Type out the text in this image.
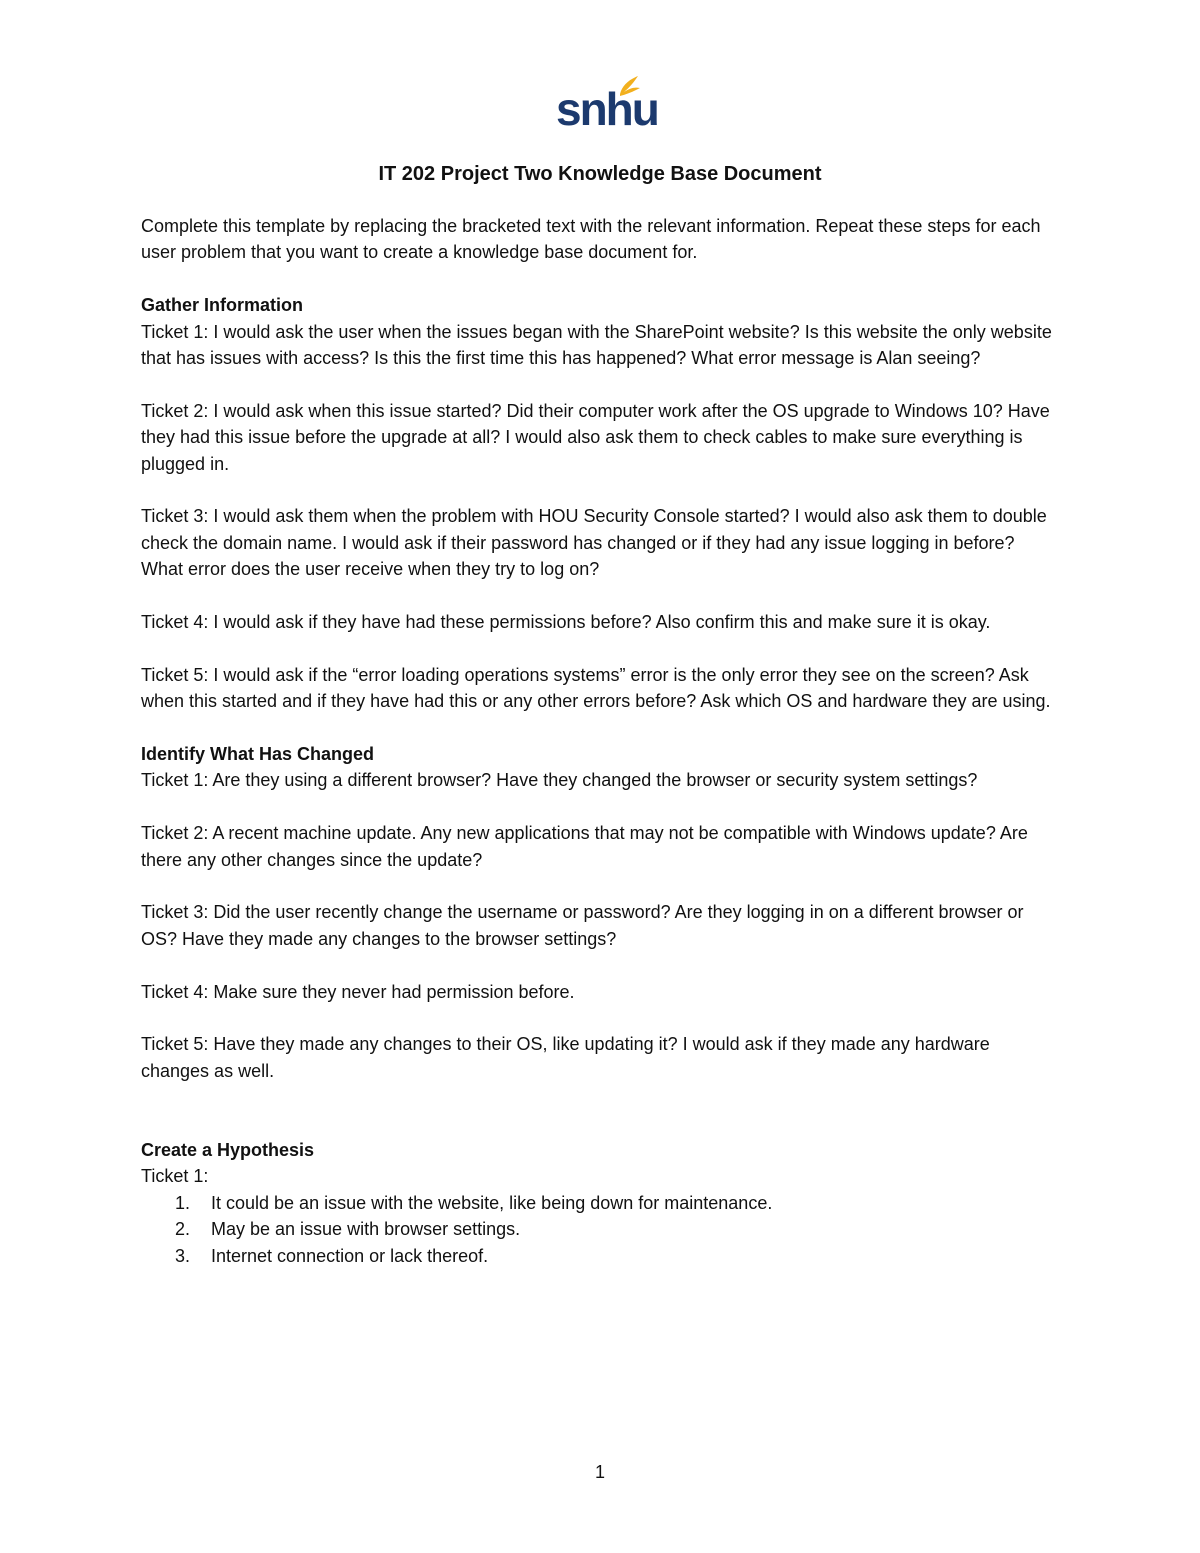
snhu
IT 202 Project Two Knowledge Base Document

Complete this template by replacing the bracketed text with the relevant information. Repeat these steps for each user problem that you want to create a knowledge base document for.

Gather Information

Ticket 1: I would ask the user when the issues began with the SharePoint website? Is this website the only website that has issues with access? Is this the first time this has happened? What error message is Alan seeing?

Ticket 2: I would ask when this issue started? Did their computer work after the OS upgrade to Windows 10? Have they had this issue before the upgrade at all? I would also ask them to check cables to make sure everything is plugged in.

Ticket 3: I would ask them when the problem with HOU Security Console started? I would also ask them to double check the domain name. I would ask if their password has changed or if they had any issue logging in before? What error does the user receive when they try to log on?

Ticket 4: I would ask if they have had these permissions before? Also confirm this and make sure it is okay.

Ticket 5: I would ask if the “error loading operations systems” error is the only error they see on the screen? Ask when this started and if they have had this or any other errors before? Ask which OS and hardware they are using.

Identify What Has Changed

Ticket 1: Are they using a different browser? Have they changed the browser or security system settings?

Ticket 2: A recent machine update. Any new applications that may not be compatible with Windows update? Are there any other changes since the update?

Ticket 3: Did the user recently change the username or password? Are they logging in on a different browser or OS? Have they made any changes to the browser settings?

Ticket 4: Make sure they never had permission before.

Ticket 5: Have they made any changes to their OS, like updating it? I would ask if they made any hardware changes as well.

Create a Hypothesis

Ticket 1:

1. It could be an issue with the website, like being down for maintenance.
2. May be an issue with browser settings.
3. Internet connection or lack thereof.
1
